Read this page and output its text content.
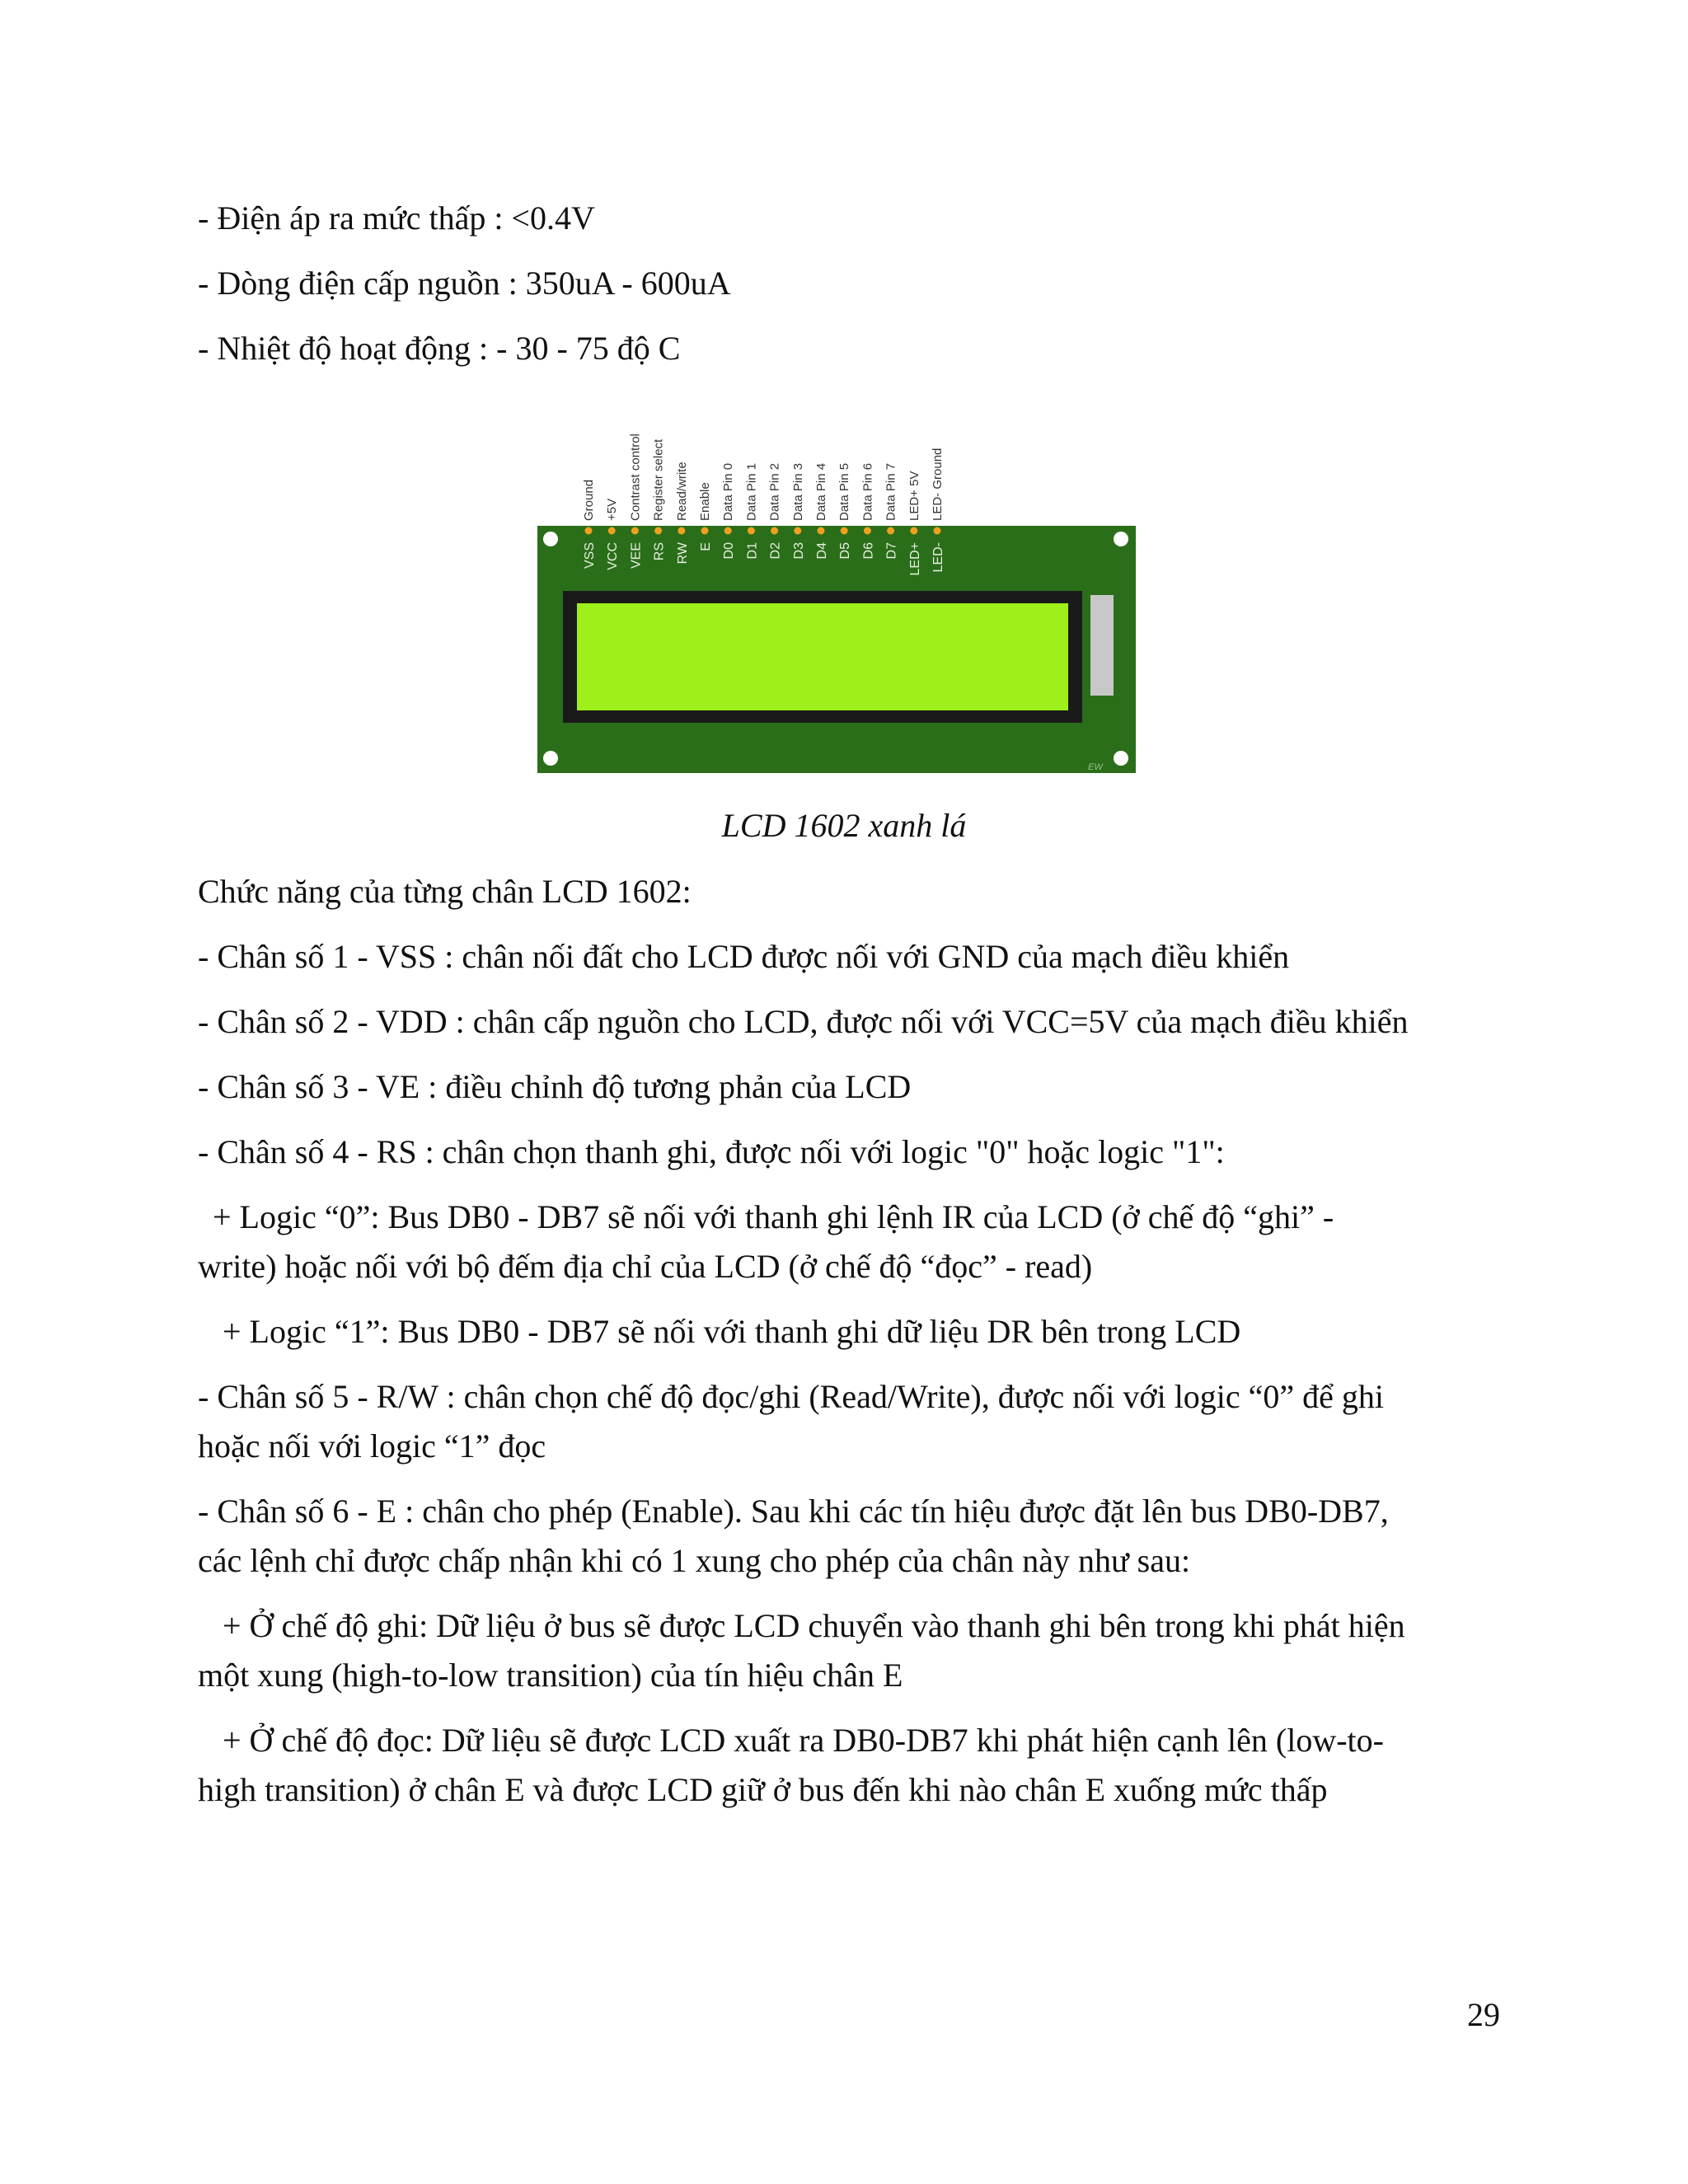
- Điện áp ra mức thấp : <0.4V
- Dòng điện cấp nguồn : 350uA - 600uA
- Nhiệt độ hoạt động : - 30 - 75 độ C
EW
Ground
VSS
+5V
VCC
Contrast control
VEE
Register select
RS
Read/write
RW
Enable
E
Data Pin 0
D0
Data Pin 1
D1
Data Pin 2
D2
Data Pin 3
D3
Data Pin 4
D4
Data Pin 5
D5
Data Pin 6
D6
Data Pin 7
D7
LED+ 5V
LED+
LED- Ground
LED-
LCD 1602 xanh lá
Chức năng của từng chân LCD 1602:
- Chân số 1 - VSS : chân nối đất cho LCD được nối với GND của mạch điều khiển
- Chân số 2 - VDD : chân cấp nguồn cho LCD, được nối với VCC=5V của mạch điều khiển
- Chân số 3 - VE : điều chỉnh độ tương phản của LCD
- Chân số 4 - RS : chân chọn thanh ghi, được nối với logic "0" hoặc logic "1":
+ Logic “0”: Bus DB0 - DB7 sẽ nối với thanh ghi lệnh IR của LCD (ở chế độ “ghi” -
write) hoặc nối với bộ đếm địa chỉ của LCD (ở chế độ “đọc” - read)
+ Logic “1”: Bus DB0 - DB7 sẽ nối với thanh ghi dữ liệu DR bên trong LCD
- Chân số 5 - R/W : chân chọn chế độ đọc/ghi (Read/Write), được nối với logic “0” để ghi
hoặc nối với logic “1” đọc
- Chân số 6 - E : chân cho phép (Enable). Sau khi các tín hiệu được đặt lên bus DB0-DB7,
các lệnh chỉ được chấp nhận khi có 1 xung cho phép của chân này như sau:
+ Ở chế độ ghi: Dữ liệu ở bus sẽ được LCD chuyển vào thanh ghi bên trong khi phát hiện
một xung (high-to-low transition) của tín hiệu chân E
+ Ở chế độ đọc: Dữ liệu sẽ được LCD xuất ra DB0-DB7 khi phát hiện cạnh lên (low-to-
high transition) ở chân E và được LCD giữ ở bus đến khi nào chân E xuống mức thấp
29
